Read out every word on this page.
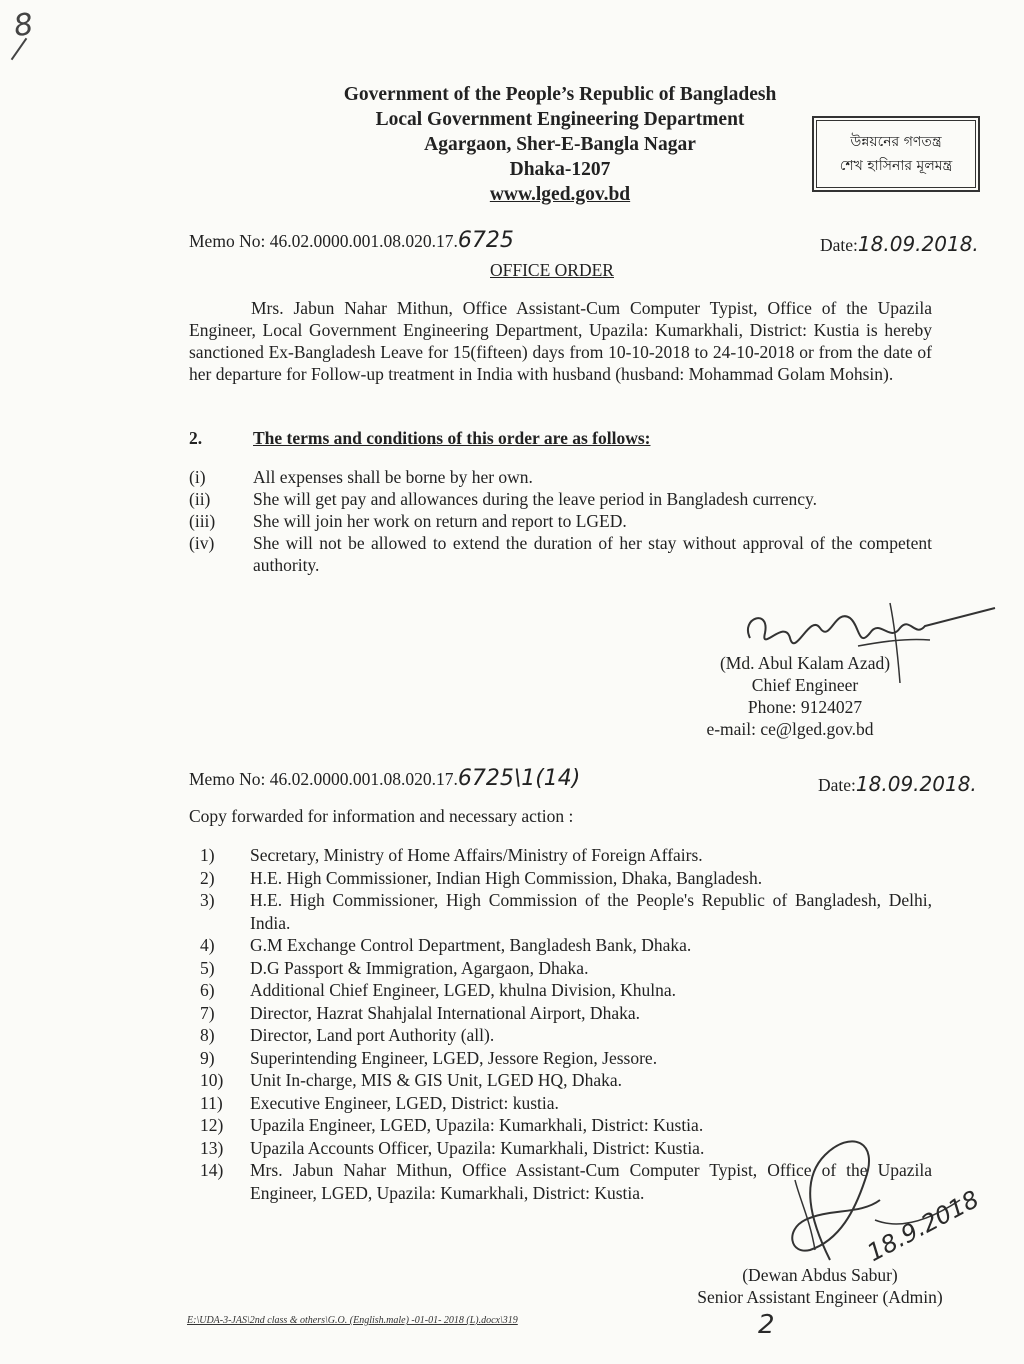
8
Government of the People’s Republic of Bangladesh
Local Government Engineering Department
Agargaon, Sher-E-Bangla Nagar
Dhaka-1207
www.lged.gov.bd
উন্নয়নের গণতন্ত্র
শেখ হাসিনার মূলমন্ত্র
Memo No: 46.02.0000.001.08.020.17.6725	Date:18.09.2018.
OFFICE ORDER
Mrs. Jabun Nahar Mithun, Office Assistant-Cum Computer Typist, Office of the Upazila Engineer, Local Government Engineering Department, Upazila: Kumarkhali, District: Kustia is hereby sanctioned Ex-Bangladesh Leave for 15(fifteen) days from 10-10-2018 to 24-10-2018 or from the date of her departure for Follow-up treatment in India with husband (husband: Mohammad Golam Mohsin).
2.	The terms and conditions of this order are as follows:
(i)	All expenses shall be borne by her own.
(ii)	She will get pay and allowances during the leave period in Bangladesh currency.
(iii)	She will join her work on return and report to LGED.
(iv)	She will not be allowed to extend the duration of her stay without approval of the competent authority.
(Md. Abul Kalam Azad)
Chief Engineer
Phone: 9124027
e-mail: ce@lged.gov.bd
Memo No: 46.02.0000.001.08.020.17.6725\1(14)	Date:18.09.2018.
Copy forwarded for information and necessary action :
1)	Secretary, Ministry of Home Affairs/Ministry of Foreign Affairs.
2)	H.E. High Commissioner, Indian High Commission, Dhaka, Bangladesh.
3)	H.E. High Commissioner, High Commission of the People's Republic of Bangladesh, Delhi, India.
4)	G.M Exchange Control Department, Bangladesh Bank, Dhaka.
5)	D.G Passport & Immigration, Agargaon, Dhaka.
6)	Additional Chief Engineer, LGED, khulna Division, Khulna.
7)	Director, Hazrat Shahjalal International Airport, Dhaka.
8)	Director, Land port Authority (all).
9)	Superintending Engineer, LGED, Jessore Region, Jessore.
10)	Unit In-charge, MIS & GIS Unit, LGED HQ, Dhaka.
11)	Executive Engineer, LGED, District: kustia.
12)	Upazila Engineer, LGED, Upazila: Kumarkhali, District: Kustia.
13)	Upazila Accounts Officer, Upazila: Kumarkhali, District: Kustia.
14)	Mrs. Jabun Nahar Mithun, Office Assistant-Cum Computer Typist, Office of the Upazila Engineer, LGED, Upazila: Kumarkhali, District: Kustia.	18.9.2018
(Dewan Abdus Sabur)
Senior Assistant Engineer (Admin)
2
E:\UDA-3-JAS\2nd class & others\G.O. (English.male) -01-01- 2018 (L).docx\319
